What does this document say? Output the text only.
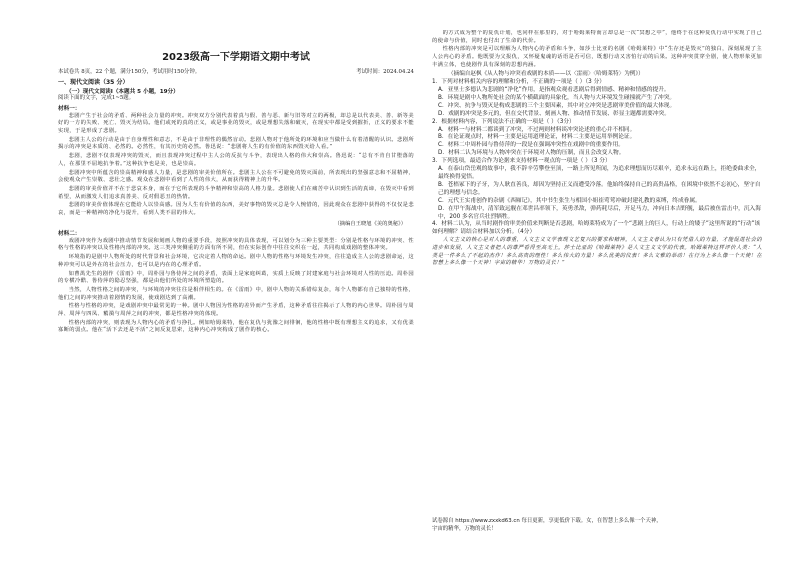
2023级高一下学期语文期中考试
本试卷共 8页，22 个题，满分150分，考试用时150分钟。	考试时间：2024.04.24
一、现代文阅读（35 分）
（一）现代文阅读Ⅰ（本题共 5 小题，19分）
阅读下面的文字，完成1~5题。
材料一：

悲剧产生于社会的矛盾、两种社会力量的冲突。冲突双方分别代表着真与假、善与恶、新与旧等对立的两极，却总是以代表美、善、新等美好的一方的失败、死亡、毁灭为结局。他们或死的真的正义，或是事业的毁灭，或是理想失落和破灭，在现实中都是受到摧折，正义的要求不能实现，于是形成了悲剧。

悲剧主人公的行动是由于自身理性和意志，不是由于非理性的偶然盲动。悲剧人物对于他所处的环境和应当做什么有着清醒的认识。悲剧所揭示的冲突是本质的、必然的。必然性，有其历史的必然。鲁迅说：“悲剧将人生的有价值的东西毁灭给人看。”

悲剧，悲剧不仅表现冲突的毁灭，而且表现冲突过程中主人公的反抗与斗争，表现出人格的伟大和崇高。鲁迅说：“总有不肯自甘堕落的人，在那里不屈地抗争着。”这种抗争也是美，也是崇高。

悲剧冲突中所蕴含的崇高精神和感人力量，是悲剧的审美价值所在。悲剧主人公在不可避免的毁灭面前，所表现出的坚强意志和不屈精神，会使观众产生崇敬、悲壮之感。观众在悲剧中看到了人性的伟大，从而获得精神上的升华。

悲剧的审美价值并不在于悲哀本身，而在于它所表现的斗争精神和崇高的人格力量。悲剧使人们在痛苦中认识到生活的真谛，在毁灭中看到希望，从而激发人们追求真善美、反对假恶丑的热情。

悲剧的审美价值体现在它能给人以崇高感。因为人生有价值的东西，美好事物的毁灭总是令人惋惜的，因此观众在悲剧中获得的不仅仅是悲哀，而是一种精神的净化与提升，看到人类不屈的伟大。

（摘编自王晓旭《美的奥秘》）
材料二：

戏剧冲突作为戏剧中推动情节发展和刻画人物的重要手段，按照冲突的具体表现，可以划分为三种主要类型：分别是性格与环境的冲突、性格与性格的冲突以及性格内部的冲突。这三类冲突侧重的方面有所不同，但在实际创作中往往交织在一起，共同构成戏剧的整体冲突。

环境指的是剧中人物所处的时代背景和社会环境，它决定着人物的命运。剧中人物的性格与环境发生冲突，往往造成主人公的悲剧命运，这种冲突可以是外在的社会压力，也可以是内在的心理矛盾。

如曹禺先生的剧作《雷雨》中，周朴园与鲁侍萍之间的矛盾，表面上是家庭纠葛，实质上反映了封建家庭与社会环境对人性的压迫。周朴园的专横冷酷、鲁侍萍的隐忍坚强，都是由他们所处的环境所塑造的。

当然，人物性格之间的冲突，与环境的冲突往往是相伴相生的。在《雷雨》中，剧中人物的关系错综复杂，每个人物都有自己独特的性格，他们之间的冲突推动着剧情的发展，使戏剧达到了高潮。

性格与性格的冲突，是戏剧冲突中最常见的一种。剧中人物因为性格的差异而产生矛盾，这种矛盾往往揭示了人物的内心世界。周朴园与周萍、周萍与四凤、蘩漪与周萍之间的冲突，都是性格冲突的体现。

性格内部的冲突，则表现为人物内心的矛盾与挣扎。例如哈姆莱特，他在复仇与犹豫之间徘徊，他的性格中既有理想主义的追求，又有优柔寡断的弱点。他在“活下去还是不活”之间反复思索，这种内心冲突构成了剧作的核心。

的方式成为整个的复仇计划，也同样在那里的，对于哈姆莱特而言却总是一次“冥想之中”，他终于在这种复仇行动中实现了自己的使命与价值，同时也付出了生命的代价。

性格内部的冲突是可以理解为人物内心的矛盾和斗争，如莎士比亚的名剧《哈姆莱特》中“生存还是毁灭”的独白，深刻展现了主人公内心的矛盾。他既要为父报仇，又怀疑鬼魂的话语是否可信，既想行动又害怕行动的后果。这种冲突贯穿全剧，使人物形象更加丰满立体，也使剧作具有深刻的思想内涵。

（摘编自赵枫《从人物与冲突看戏剧的本质——以〈雷雨〉〈哈姆莱特〉为例》）
1．下列对材料相关内容的理解和分析，不正确的一项是（ ）（3 分）
A．亚里士多德认为悲剧的“净化”作用，是指观众观看悲剧后得到情感、精神和情感的提升。
B．环境是剧中人物所处社会的某个横截面的具象化，当人物与大环境发生碰撞就产生了冲突。
C．冲突、抗争与毁灭是构成悲剧的三个主要因素，其中对立冲突是悲剧审美价值的最大体现。
D．戏剧的冲突是多元的，但在交代背景、刻画人物、推动情节发展、彰显主题都需要冲突。
2．根据材料内容，下列说法不正确的一项是（ ）（3分）
A．材料一与材料二都谈到了冲突，不过两则材料谈冲突论述的重心并不相同。
B．在论证观点时，材料一主要是运用道理论证，材料二主要是运用举例论证。
C．材料二中周朴园与鲁侍萍的一段是在强调冲突性在戏剧中的重要作用。
D．材料二认为环境与人物冲突在于环境对人物的压制，而且会改变人物。
3．下列选项，最适合作为论据来支持材料一观点的一项是（ ）（3 分）
A．在泰山岱岳观的故事中，我不辞辛劳攀登至顶，一路上所见所闻，为追求理想而历尽艰辛，追求永远在路上，拒绝委曲求全，最终换得觉悟。
B．苍梧冢下的子牙，为人耿直善良，却因为坚持正义而遭受冷落。他始终保持自己的高贵品格，在困境中依然不忘初心，坚守自己的理想与信念。
C．元代王实甫创作的杂剧《西厢记》，其中书生张生与相国小姐崔莺莺冲破封建礼教的束缚，终成眷属。
D．在甲午海战中，清军致远舰在邓世昌率领下，英勇杀敌，弹药耗尽后，开足马力，冲向日本吉野舰，最后被鱼雷击中，沉入海中，200 多名官兵壮烈牺牲。
4．材料二认为，从当时剧作的审美价值来判断是否悲剧，哈姆莱特成为了一个“悲剧上的巨人，行动上的矮子”这里所说的“行动”该如何理解？请结合材料加以分析。（4分）

人文主义的核心是对人的尊重，人文主义文学表现文艺复兴的要求和精神。人文主义者认为只有凭借人的力量，才能促进社会的进步和发展，人文主义者把人的尊严看得至高无上。莎士比亚的《哈姆莱特》是人文主义文学的代表。哈姆莱特这样评价人类：“人类是一件多么了不起的杰作！多么高贵的理性！多么伟大的力量！多么优美的仪表！多么文雅的举动！在行为上多么像一个天使！在智慧上多么像一个天神！宇宙的精华！万物的灵长！”

试卷源自 https://www.zxxkd63.cn 每日更新，享更低价下载。女，在智慧上多么像一个天神，
宇宙的精华，万物的灵长！
